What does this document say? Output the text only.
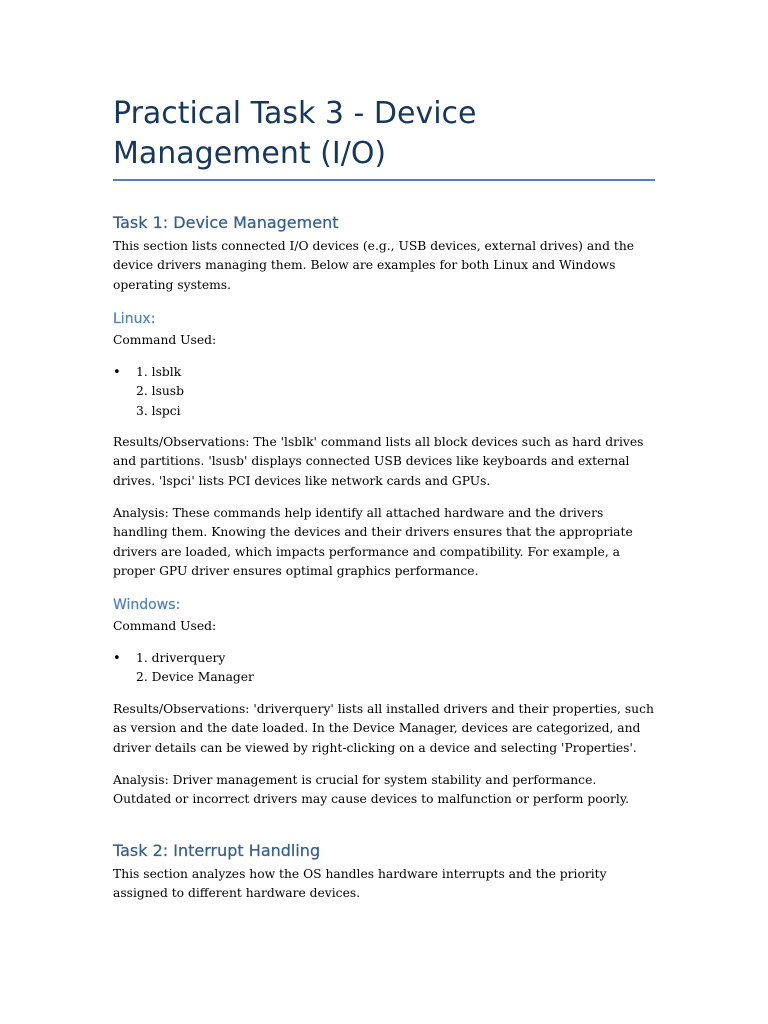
Practical Task 3 - Device Management (I/O)
Task 1: Device Management

This section lists connected I/O devices (e.g., USB devices, external drives) and the device drivers managing them. Below are examples for both Linux and Windows operating systems.

Linux:

Command Used:

•	1. lsblk
2. lsusb
3. lspci

Results/Observations: The 'lsblk' command lists all block devices such as hard drives and partitions. 'lsusb' displays connected USB devices like keyboards and external drives. 'lspci' lists PCI devices like network cards and GPUs.

Analysis: These commands help identify all attached hardware and the drivers handling them. Knowing the devices and their drivers ensures that the appropriate drivers are loaded, which impacts performance and compatibility. For example, a proper GPU driver ensures optimal graphics performance.

Windows:

Command Used:

•	1. driverquery
2. Device Manager

Results/Observations: 'driverquery' lists all installed drivers and their properties, such as version and the date loaded. In the Device Manager, devices are categorized, and driver details can be viewed by right-clicking on a device and selecting 'Properties'.

Analysis: Driver management is crucial for system stability and performance. Outdated or incorrect drivers may cause devices to malfunction or perform poorly.

Task 2: Interrupt Handling

This section analyzes how the OS handles hardware interrupts and the priority assigned to different hardware devices.
